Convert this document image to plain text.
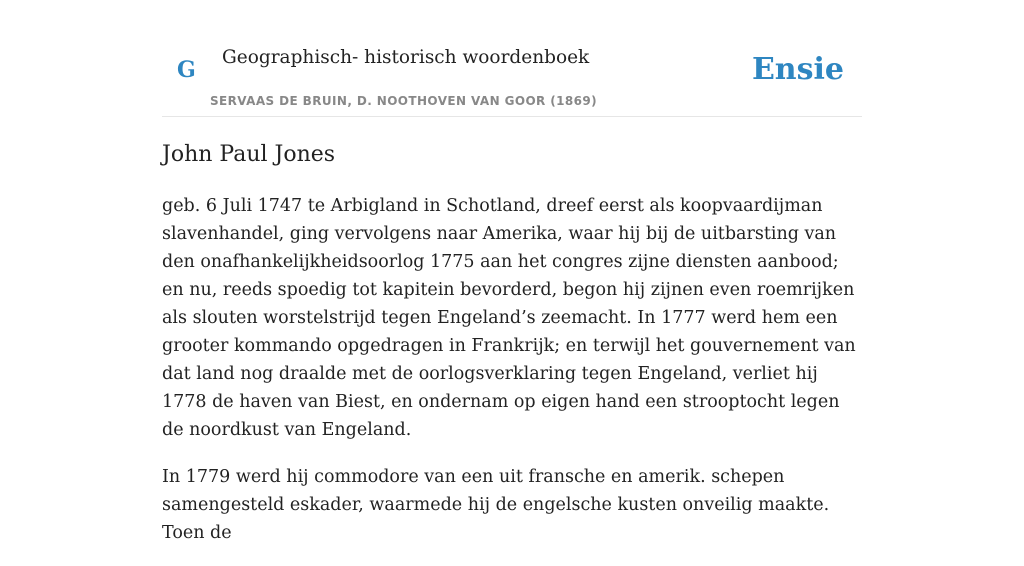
G Geographisch- historisch woordenboek
SERVAAS DE BRUIN, D. NOOTHOVEN VAN GOOR (1869)
Ensie
John Paul Jones

geb. 6 Juli 1747 te Arbigland in Schotland, dreef eerst als koopvaardijman slavenhandel, ging vervolgens naar Amerika, waar hij bij de uitbarsting van den onafhankelijkheidsoorlog 1775 aan het congres zijne diensten aanbood; en nu, reeds spoedig tot kapitein bevorderd, begon hij zijnen even roemrijken als slouten worstelstrijd tegen Engeland’s zeemacht. In 1777 werd hem een grooter kommando opgedragen in Frankrijk; en terwijl het gouvernement van dat land nog draalde met de oorlogsverklaring tegen Engeland, verliet hij 1778 de haven van Biest, en ondernam op eigen hand een strooptocht legen de noordkust van Engeland.

In 1779 werd hij commodore van een uit fransche en amerik. schepen samengesteld eskader, waarmede hij de engelsche kusten onveilig maakte. Toen de
